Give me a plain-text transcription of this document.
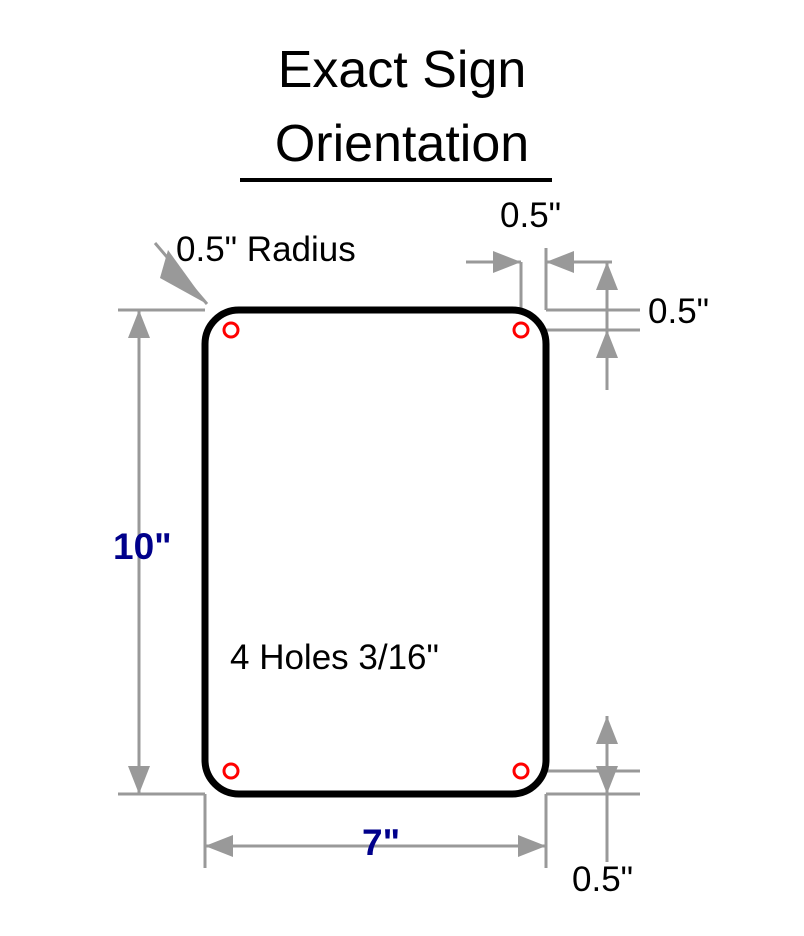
Exact Sign
Orientation
0.5" Radius
0.5"
0.5"
0.5"
10"
7"
4 Holes 3/16"
